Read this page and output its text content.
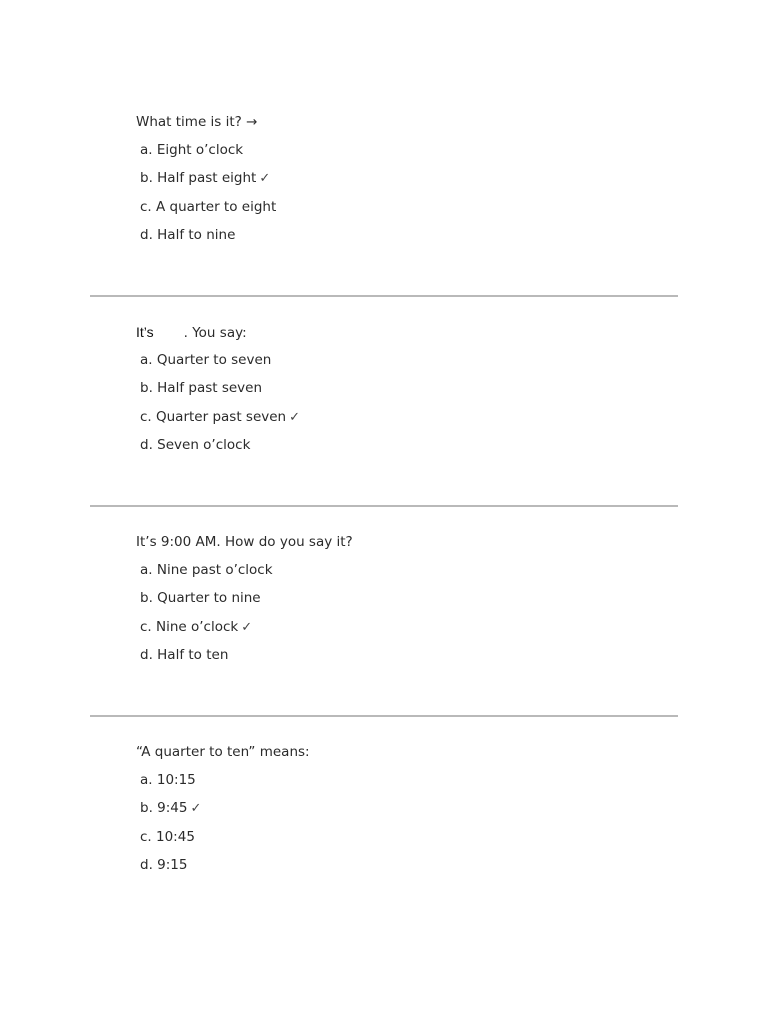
What time is it? →
a. Eight o’clock
b. Half past eight ✓
c. A quarter to eight
d. Half to nine
It’s . You say:
a. Quarter to seven
b. Half past seven
c. Quarter past seven ✓
d. Seven o’clock
It’s 9:00 AM. How do you say it?
a. Nine past o’clock
b. Quarter to nine
c. Nine o’clock ✓
d. Half to ten
“A quarter to ten” means:
a. 10:15
b. 9:45 ✓
c. 10:45
d. 9:15
